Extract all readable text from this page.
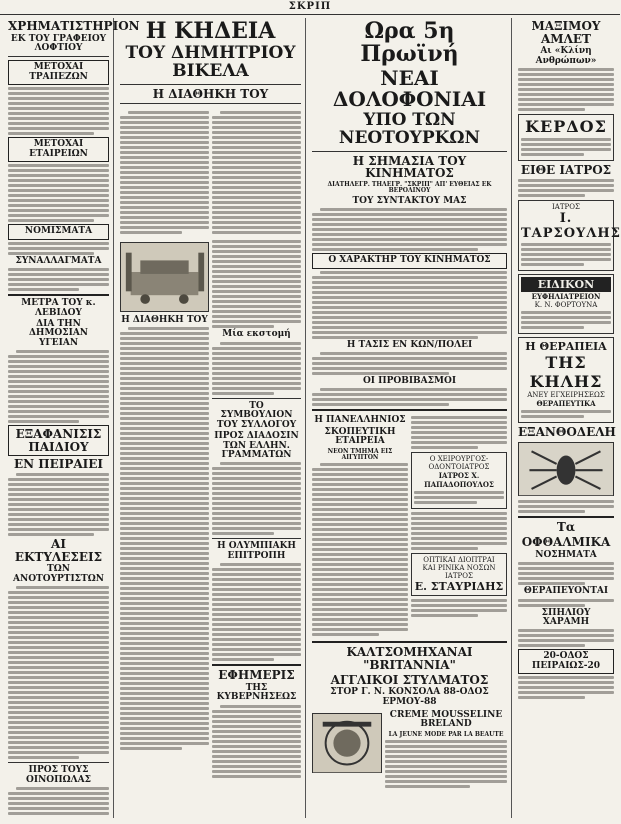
ΣΚΡΙΠ
ΧΡΗΜΑΤΙΣΤΗΡΙΟΝ
ΕΚ ΤΟΥ ΓΡΑΦΕΙΟΥ ΛΟΦΤΙΟΥ
ΜΕΤΟΧΑΙ ΤΡΑΠΕΖΩΝ
ΜΕΤΟΧΑΙ ΕΤΑΙΡΕΙΩΝ
ΝΟΜΙΣΜΑΤΑ
ΣΥΝΑΛΛΑΓΜΑΤΑ
ΜΕΤΡΑ ΤΟΥ κ. ΛΕΒΙΔΟΥ
ΔΙΑ ΤΗΝ ΔΗΜΟΣΙΑΝ ΥΓΕΙΑΝ
ΕΞΑΦΑΝΙΣΙΣ ΠΑΙΔΙΟΥ
ΕΝ ΠΕΙΡΑΙΕΙ
ΑΙ ΕΚΤΥΛΕΣΕΙΣ
ΤΩΝ ΑΝΟΤΟΥΡΤΙΣΤΩΝ
ΠΡΟΣ ΤΟΥΣ ΟΙΝΟΠΩΛΑΣ
Η ΚΗΔΕΙΑ
ΤΟΥ ΔΗΜΗΤΡΙΟΥ ΒΙΚΕΛΑ
Η ΔΙΑΘΗΚΗ ΤΟΥ
Η ΔΙΑΘΗΚΗ ΤΟΥ
Μία εκστομή
ΤΟ ΣΥΜΒΟΥΛΙΟΝ ΤΟΥ ΣΥΛΛΟΓΟΥ
ΠΡΟΣ ΔΙΑΔΟΣΙΝ ΤΩΝ ΕΛΛΗΝ. ΓΡΑΜΜΑΤΩΝ
Η ΟΛΥΜΠΙΑΚΗ ΕΠΙΤΡΟΠΗ
ΕΦΗΜΕΡΙΣ
ΤΗΣ ΚΥΒΕΡΝΗΣΕΩΣ
Ωρα 5η Πρωϊνή
ΝΕΑΙ ΔΟΛΟΦΟΝΙΑΙ
ΥΠΟ ΤΩΝ ΝΕΟΤΟΥΡΚΩΝ
Η ΣΗΜΑΣΙΑ ΤΟΥ ΚΙΝΗΜΑΤΟΣ
ΔΙΑΤΗΛΕΓΡ. ΤΗΛΕΓΡ. "ΣΚΡΙΠ" ΑΠ' ΕΥΘΕΙΑΣ ΕΚ ΒΕΡΟΛΙΝΟΥ
ΤΟΥ ΣΥΝΤΑΚΤΟΥ ΜΑΣ
Ο ΧΑΡΑΚΤΗΡ ΤΟΥ ΚΙΝΗΜΑΤΟΣ
Η ΤΑΣΙΣ ΕΝ ΚΩΝ/ΠΟΛΕΙ
ΟΙ ΠΡΟΒΙΒΑΣΜΟΙ
Η ΠΑΝΕΛΛΗΝΙΟΣ
ΣΚΟΠΕΥΤΙΚΗ ΕΤΑΙΡΕΙΑ
ΝΕΟΝ ΤΜΗΜΑ ΕΙΣ ΑΙΓΥΠΤΟΝ	Ο ΧΕΙΡΟΥΡΓΟΣ-ΟΔΟΝΤΟΙΑΤΡΟΣ
ΙΑΤΡΟΣ Χ. ΠΑΠΑΔΟΠΟΥΛΟΣ
ΟΠΤΙΚΑΙ ΔΙΟΠΤΡΑΙ
ΚΑΙ ΡΙΝΙΚΑ ΝΟΣΩΝ
ΙΑΤΡΟΣ
Ε. ΣΤΑΥΡΙΔΗΣ
ΚΑΛΤΣΟΜΗΧΑΝΑΙ "BRITANNIA"
ΑΓΓΛΙΚΟΙ ΣΤΥΛΜΑΤΟΣ
ΣΤΟΡ Γ. Ν. ΚΟΝΣΟΛΑ 88-ΟΔΟΣ ΕΡΜΟΥ-88
CREME MOUSSELINE BRELAND
LA JEUNE MODE PAR LA BEAUTE
ΜΑΞΙΜΟΥ ΑΜΛΕΤ
Αι «Κλίνη Ανθρώπων»
ΚΕΡΔΟΣ
ΕΙΘΕ ΙΑΤΡΟΣ
ΙΑΤΡΟΣ
Ι. ΤΑΡΣΟΥΛΗΣ
ΕΙΔΙΚΟΝ
ΕΥΦΗΛΙΑΤΡΕΙΟΝ
Κ. Ν. ΦΟΡΤΟΥΝΑ
Η ΘΕΡΑΠΕΙΑ
ΤΗΣ ΚΗΛΗΣ
ΑΝΕΥ ΕΓΧΕΙΡΗΣΕΩΣ
ΘΕΡΑΠΕΥΤΙΚΑ
ΕΞΑΝΘΟΔΕΛΗ
Τα
ΟΦΘΑΛΜΙΚΑ
ΝΟΣΗΜΑΤΑ
ΘΕΡΑΠΕΥΟΝΤΑΙ
ΣΠΗΛΙΟΥ ΧΑΡΑΜΗ
20-ΟΔΟΣ ΠΕΙΡΑΙΩΣ-20
